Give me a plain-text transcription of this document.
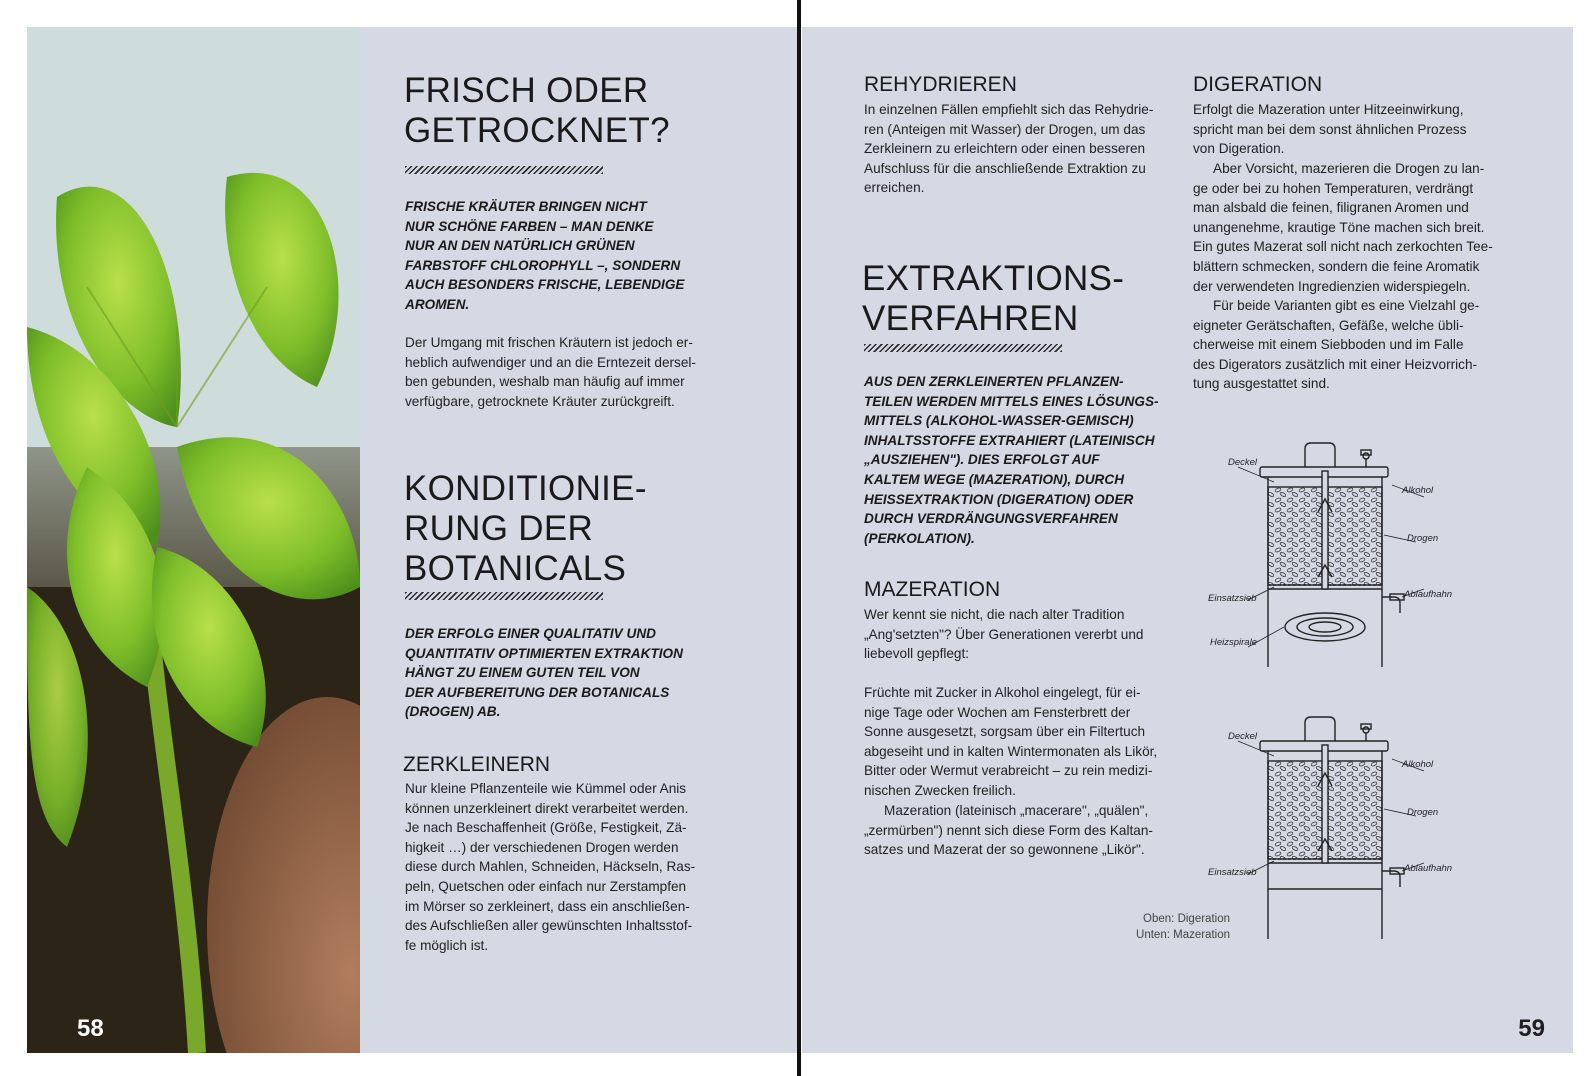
FRISCH ODER
GETROCKNET?
FRISCHE KRÄUTER BRINGEN NICHT
NUR SCHÖNE FARBEN – MAN DENKE
NUR AN DEN NATÜRLICH GRÜNEN
FARBSTOFF CHLOROPHYLL –, SONDERN
AUCH BESONDERS FRISCHE, LEBENDIGE
AROMEN.
Der Umgang mit frischen Kräutern ist jedoch er-
heblich aufwendiger und an die Erntezeit dersel-
ben gebunden, weshalb man häufig auf immer
verfügbare, getrocknete Kräuter zurückgreift.
KONDITIONIE-
RUNG DER
BOTANICALS
DER ERFOLG EINER QUALITATIV UND
QUANTITATIV OPTIMIERTEN EXTRAKTION
HÄNGT ZU EINEM GUTEN TEIL VON
DER AUFBEREITUNG DER BOTANICALS
(DROGEN) AB.
ZERKLEINERN
Nur kleine Pflanzenteile wie Kümmel oder Anis
können unzerkleinert direkt verarbeitet werden.
Je nach Beschaffenheit (Größe, Festigkeit, Zä-
higkeit …) der verschiedenen Drogen werden
diese durch Mahlen, Schneiden, Häckseln, Ras-
peln, Quetschen oder einfach nur Zerstampfen
im Mörser so zerkleinert, dass ein anschließen-
des Aufschließen aller gewünschten Inhaltsstof-
fe möglich ist.
58
REHYDRIEREN
In einzelnen Fällen empfiehlt sich das Rehydrie-
ren (Anteigen mit Wasser) der Drogen, um das
Zerkleinern zu erleichtern oder einen besseren
Aufschluss für die anschließende Extraktion zu
erreichen.
EXTRAKTIONS-
VERFAHREN
AUS DEN ZERKLEINERTEN PFLANZEN-
TEILEN WERDEN MITTELS EINES LÖSUNGS-
MITTELS (ALKOHOL-WASSER-GEMISCH)
INHALTSSTOFFE EXTRAHIERT (LATEINISCH
„AUSZIEHEN"). DIES ERFOLGT AUF
KALTEM WEGE (MAZERATION), DURCH
HEISSEXTRAKTION (DIGERATION) ODER
DURCH VERDRÄNGUNGSVERFAHREN
(PERKOLATION).
MAZERATION
Wer kennt sie nicht, die nach alter Tradition
„Ang'setzten"? Über Generationen vererbt und
liebevoll gepflegt:
Früchte mit Zucker in Alkohol eingelegt, für ei-
nige Tage oder Wochen am Fensterbrett der
Sonne ausgesetzt, sorgsam über ein Filtertuch
abgeseiht und in kalten Wintermonaten als Likör,
Bitter oder Wermut verabreicht – zu rein medizi-
nischen Zwecken freilich.
Mazeration (lateinisch „macerare", „quälen",
„zermürben") nennt sich diese Form des Kaltan-
satzes und Mazerat der so gewonnene „Likör".
DIGERATION
Erfolgt die Mazeration unter Hitzeeinwirkung,
spricht man bei dem sonst ähnlichen Prozess
von Digeration.
Aber Vorsicht, mazerieren die Drogen zu lan-
ge oder bei zu hohen Temperaturen, verdrängt
man alsbald die feinen, filigranen Aromen und
unangenehme, krautige Töne machen sich breit.
Ein gutes Mazerat soll nicht nach zerkochten Tee-
blättern schmecken, sondern die feine Aromatik
der verwendeten Ingredienzien widerspiegeln.
Für beide Varianten gibt es eine Vielzahl ge-
eigneter Gerätschaften, Gefäße, welche übli-
cherweise mit einem Siebboden und im Falle
des Digerators zusätzlich mit einer Heizvorrich-
tung ausgestattet sind.
Deckel
Alkohol
Drogen
Einsatzsieb	Ablaufhahn
Heizspirale
Deckel
Alkohol
Drogen
Einsatzsieb	Ablaufhahn
Oben: Digeration
Unten: Mazeration
59
